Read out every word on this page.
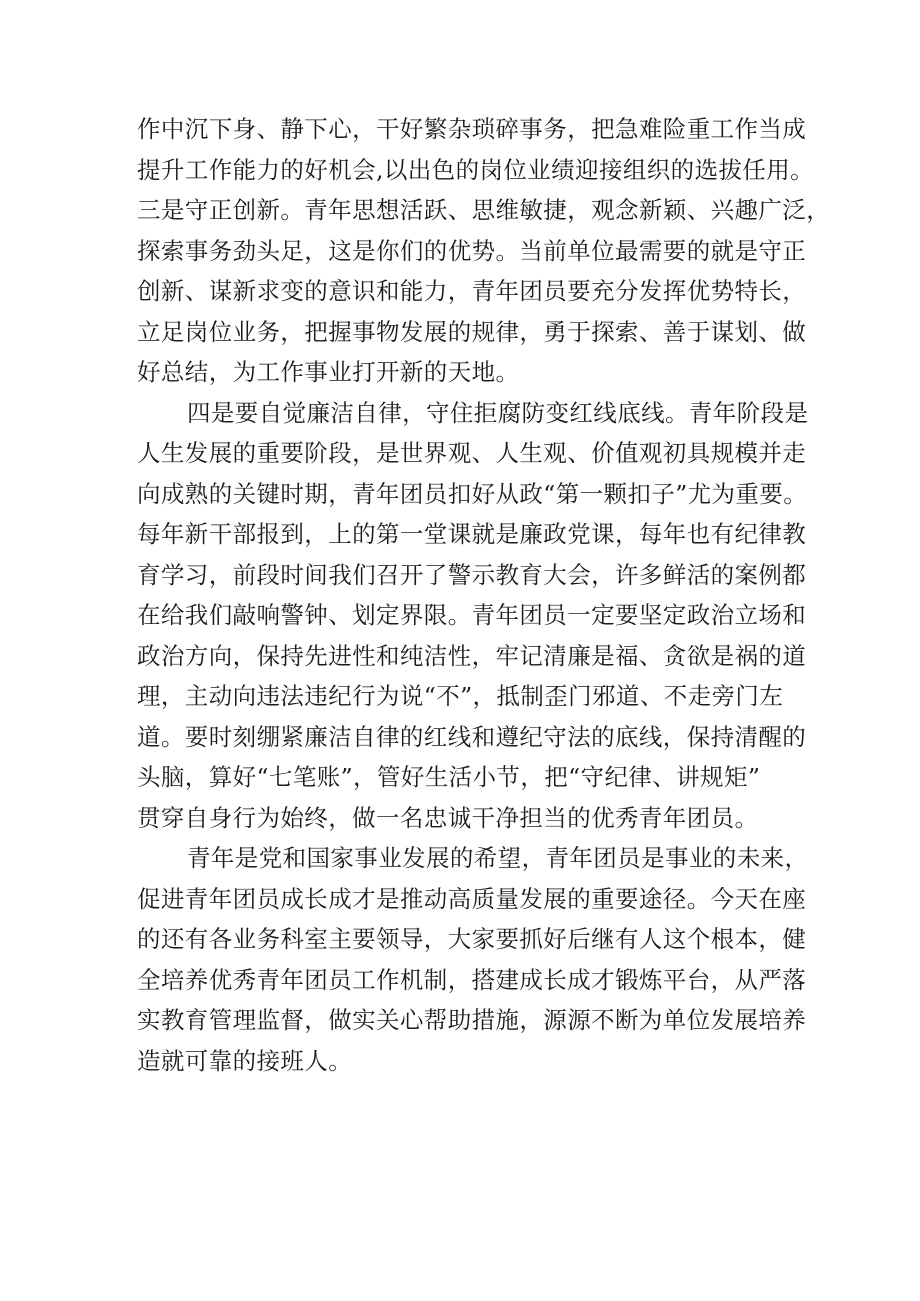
作中沉下身、静下心，干好繁杂琐碎事务，把急难险重工作当成
提升工作能力的好机会,以出色的岗位业绩迎接组织的选拔任用。
三是守正创新。青年思想活跃、思维敏捷，观念新颖、兴趣广泛，
探索事务劲头足，这是你们的优势。当前单位最需要的就是守正
创新、谋新求变的意识和能力，青年团员要充分发挥优势特长，
立足岗位业务，把握事物发展的规律，勇于探索、善于谋划、做
好总结，为工作事业打开新的天地。
四是要自觉廉洁自律，守住拒腐防变红线底线。青年阶段是
人生发展的重要阶段，是世界观、人生观、价值观初具规模并走
向成熟的关键时期，青年团员扣好从政“第一颗扣子”尤为重要。
每年新干部报到，上的第一堂课就是廉政党课，每年也有纪律教
育学习，前段时间我们召开了警示教育大会，许多鲜活的案例都
在给我们敲响警钟、划定界限。青年团员一定要坚定政治立场和
政治方向，保持先进性和纯洁性，牢记清廉是福、贪欲是祸的道
理，主动向违法违纪行为说“不”，抵制歪门邪道、不走旁门左
道。要时刻绷紧廉洁自律的红线和遵纪守法的底线，保持清醒的
头脑，算好“七笔账”，管好生活小节，把“守纪律、讲规矩”
贯穿自身行为始终，做一名忠诚干净担当的优秀青年团员。
青年是党和国家事业发展的希望，青年团员是事业的未来，
促进青年团员成长成才是推动高质量发展的重要途径。今天在座
的还有各业务科室主要领导，大家要抓好后继有人这个根本，健
全培养优秀青年团员工作机制，搭建成长成才锻炼平台，从严落
实教育管理监督，做实关心帮助措施，源源不断为单位发展培养
造就可靠的接班人。
